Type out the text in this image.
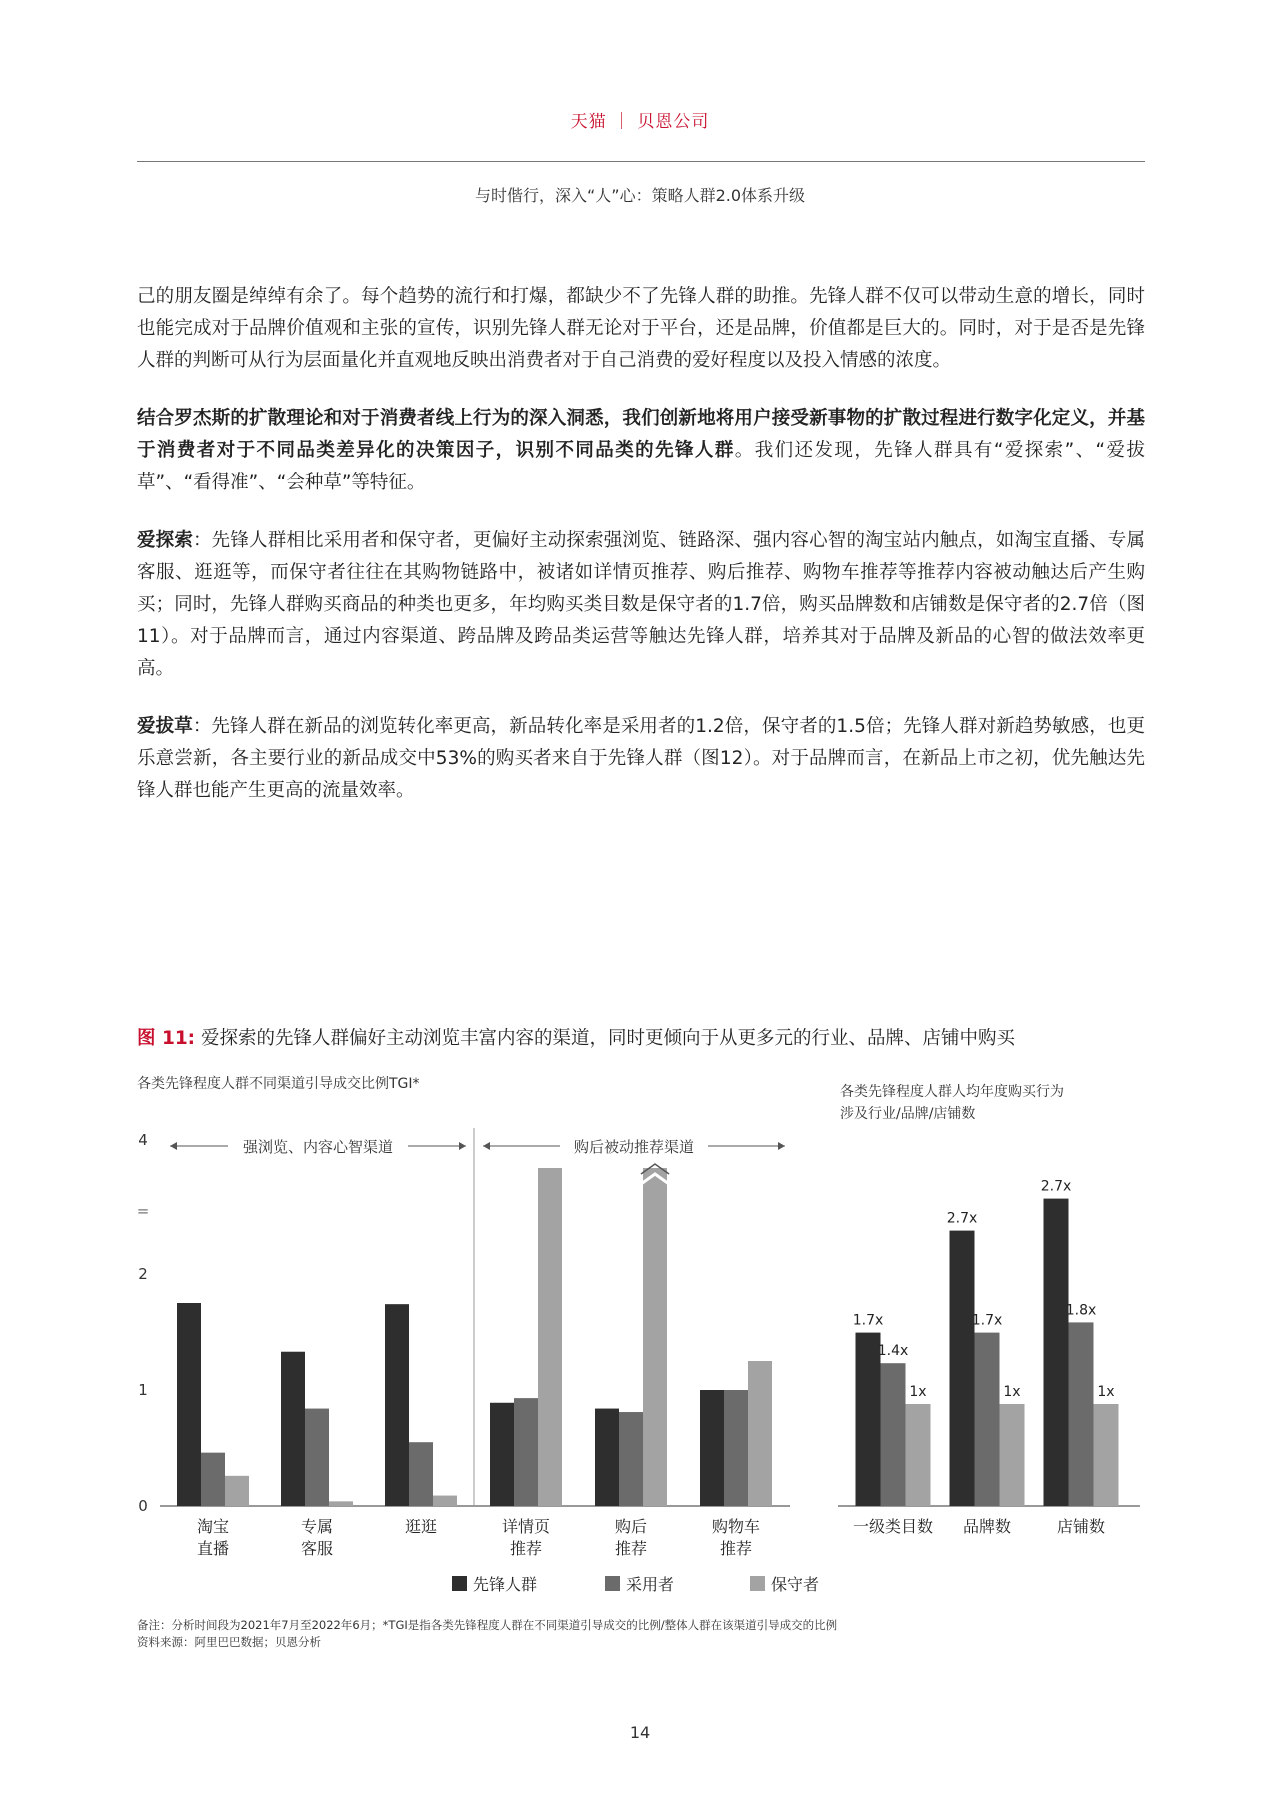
天猫 ｜ 贝恩公司
与时偕行，深入“人”心：策略人群2.0体系升级

己的朋友圈是绰绰有余了。每个趋势的流行和打爆，都缺少不了先锋人群的助推。先锋人群不仅可以带动生意的增长，同时也能完成对于品牌价值观和主张的宣传，识别先锋人群无论对于平台，还是品牌，价值都是巨大的。同时，对于是否是先锋人群的判断可从行为层面量化并直观地反映出消费者对于自己消费的爱好程度以及投入情感的浓度。

结合罗杰斯的扩散理论和对于消费者线上行为的深入洞悉，我们创新地将用户接受新事物的扩散过程进行数字化定义，并基于消费者对于不同品类差异化的决策因子，识别不同品类的先锋人群。我们还发现，先锋人群具有“爱探索”、“爱拔草”、“看得准”、“会种草”等特征。

爱探索：先锋人群相比采用者和保守者，更偏好主动探索强浏览、链路深、强内容心智的淘宝站内触点，如淘宝直播、专属客服、逛逛等，而保守者往往在其购物链路中，被诸如详情页推荐、购后推荐、购物车推荐等推荐内容被动触达后产生购买；同时，先锋人群购买商品的种类也更多，年均购买类目数是保守者的1.7倍，购买品牌数和店铺数是保守者的2.7倍（图11）。对于品牌而言，通过内容渠道、跨品牌及跨品类运营等触达先锋人群，培养其对于品牌及新品的心智的做法效率更高。

爱拔草：先锋人群在新品的浏览转化率更高，新品转化率是采用者的1.2倍，保守者的1.5倍；先锋人群对新趋势敏感，也更乐意尝新，各主要行业的新品成交中53%的购买者来自于先锋人群（图12）。对于品牌而言，在新品上市之初，优先触达先锋人群也能产生更高的流量效率。

图 11: 爱探索的先锋人群偏好主动浏览丰富内容的渠道，同时更倾向于从更多元的行业、品牌、店铺中购买
各类先锋程度人群不同渠道引导成交比例TGI*
0
1
2
4
=
淘宝
直播
专属
客服
逛逛	详情页
推荐
购后
推荐
购物车
推荐
强浏览、内容心智渠道	购后被动推荐渠道
先锋人群	采用者	保守者
各类先锋程度人群人均年度购买行为
涉及行业/品牌/店铺数
1.7x
2.7x
2.7x
1.4x
1.7x
1.8x
1x	1x	1x
一级类目数 品牌数	店铺数
备注：分析时间段为2021年7月至2022年6月；*TGI是指各类先锋程度人群在不同渠道引导成交的比例/整体人群在该渠道引导成交的比例
资料来源：阿里巴巴数据；贝恩分析
14
